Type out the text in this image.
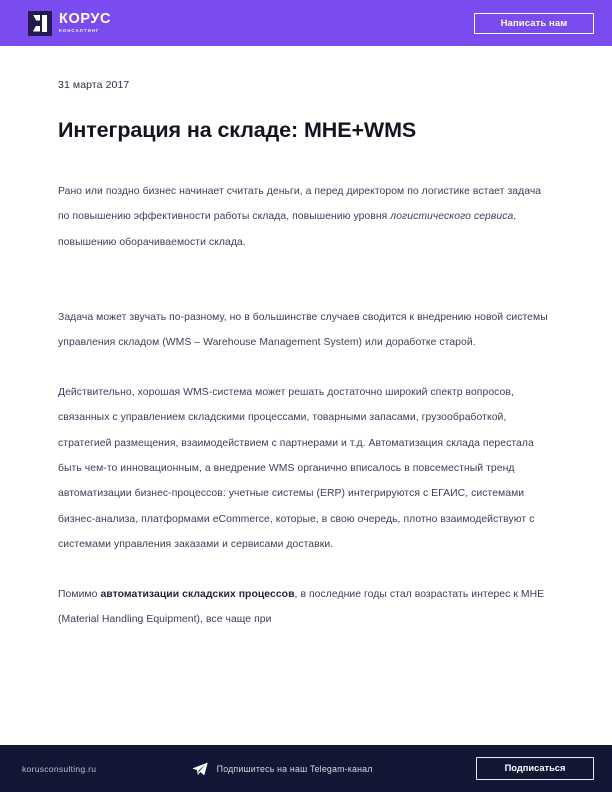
КОРУС
КОНСАЛТИНГ
Написать нам
31 марта 2017
Интеграция на складе: MHE+WMS

Рано или поздно бизнес начинает считать деньги, а перед директором по логистике встает задача по повышению эффективности работы склада, повышению уровня логистического сервиса, повышению оборачиваемости склада.

Задача может звучать по-разному, но в большинстве случаев сводится к внедрению новой системы управления складом (WMS – Warehouse Management System) или доработке старой.

Действительно, хорошая WMS-система может решать достаточно широкий спектр вопросов, связанных с управлением складскими процессами, товарными запасами, грузообработкой, стратегией размещения, взаимодействием с партнерами и т.д. Автоматизация склада перестала быть чем-то инновационным, а внедрение WMS органично вписалось в повсеместный тренд автоматизации бизнес-процессов: учетные системы (ERP) интегрируются с ЕГАИС, системами бизнес-анализа, платформами eCommerce, которые, в свою очередь, плотно взаимодействуют с системами управления заказами и сервисами доставки.

Помимо автоматизации складских процессов, в последние годы стал возрастать интерес к MHE (Material Handling Equipment), все чаще при

korusconsulting.ru	Подпишитесь на наш Telegam-канал	Подписаться
